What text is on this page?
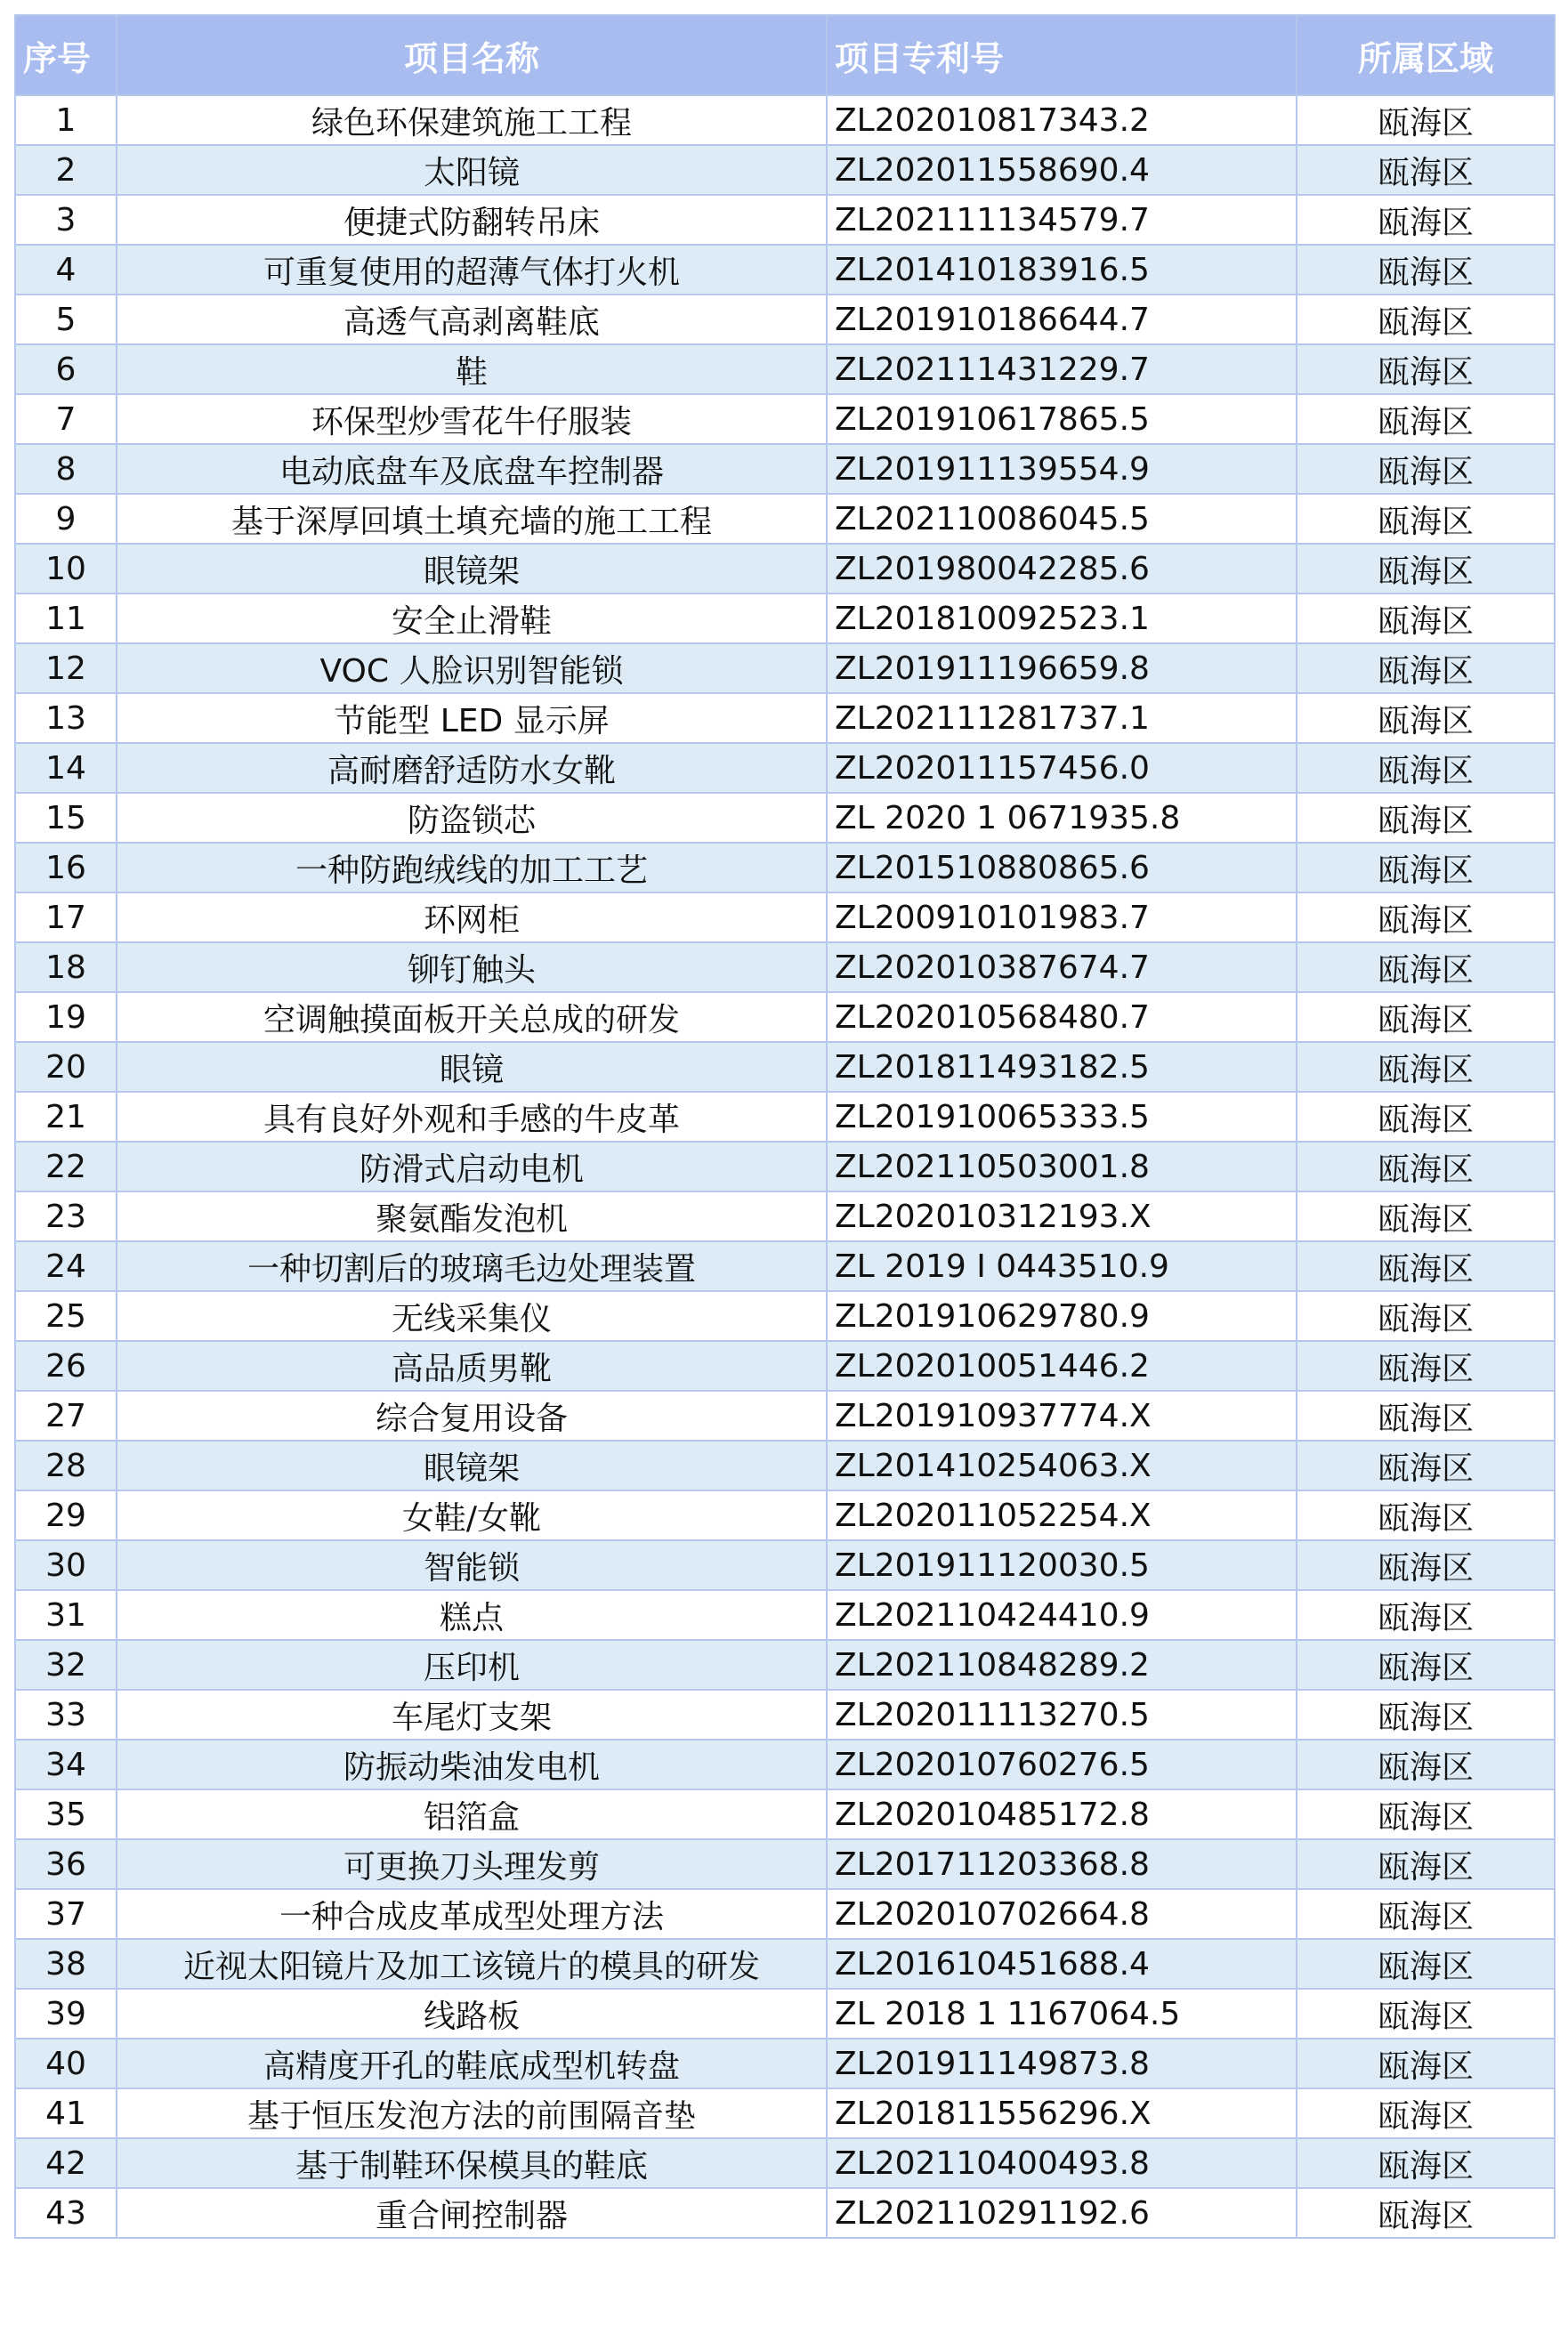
序号	项目名称	项目专利号	所属区域
1	绿色环保建筑施工工程	ZL202010817343.2	瓯海区
2	太阳镜	ZL202011558690.4	瓯海区
3	便捷式防翻转吊床	ZL202111134579.7	瓯海区
4	可重复使用的超薄气体打火机	ZL201410183916.5	瓯海区
5	高透气高剥离鞋底	ZL201910186644.7	瓯海区
6	鞋	ZL202111431229.7	瓯海区
7	环保型炒雪花牛仔服装	ZL201910617865.5	瓯海区
8	电动底盘车及底盘车控制器	ZL201911139554.9	瓯海区
9	基于深厚回填土填充墙的施工工程	ZL202110086045.5	瓯海区
10	眼镜架	ZL201980042285.6	瓯海区
11	安全止滑鞋	ZL201810092523.1	瓯海区
12	VOC 人脸识别智能锁	ZL201911196659.8	瓯海区
13	节能型 LED 显示屏	ZL202111281737.1	瓯海区
14	高耐磨舒适防水女靴	ZL202011157456.0	瓯海区
15	防盗锁芯	ZL 2020 1 0671935.8	瓯海区
16	一种防跑绒线的加工工艺	ZL201510880865.6	瓯海区
17	环网柜	ZL200910101983.7	瓯海区
18	铆钉触头	ZL202010387674.7	瓯海区
19	空调触摸面板开关总成的研发	ZL202010568480.7	瓯海区
20	眼镜	ZL201811493182.5	瓯海区
21	具有良好外观和手感的牛皮革	ZL201910065333.5	瓯海区
22	防滑式启动电机	ZL202110503001.8	瓯海区
23	聚氨酯发泡机	ZL202010312193.X	瓯海区
24	一种切割后的玻璃毛边处理装置	ZL 2019 I 0443510.9	瓯海区
25	无线采集仪	ZL201910629780.9	瓯海区
26	高品质男靴	ZL202010051446.2	瓯海区
27	综合复用设备	ZL201910937774.X	瓯海区
28	眼镜架	ZL201410254063.X	瓯海区
29	女鞋/女靴	ZL202011052254.X	瓯海区
30	智能锁	ZL201911120030.5	瓯海区
31	糕点	ZL202110424410.9	瓯海区
32	压印机	ZL202110848289.2	瓯海区
33	车尾灯支架	ZL202011113270.5	瓯海区
34	防振动柴油发电机	ZL202010760276.5	瓯海区
35	铝箔盒	ZL202010485172.8	瓯海区
36	可更换刀头理发剪	ZL201711203368.8	瓯海区
37	一种合成皮革成型处理方法	ZL202010702664.8	瓯海区
38	近视太阳镜片及加工该镜片的模具的研发	ZL201610451688.4	瓯海区
39	线路板	ZL 2018 1 1167064.5	瓯海区
40	高精度开孔的鞋底成型机转盘	ZL201911149873.8	瓯海区
41	基于恒压发泡方法的前围隔音垫	ZL201811556296.X	瓯海区
42	基于制鞋环保模具的鞋底	ZL202110400493.8	瓯海区
43	重合闸控制器	ZL202110291192.6	瓯海区
